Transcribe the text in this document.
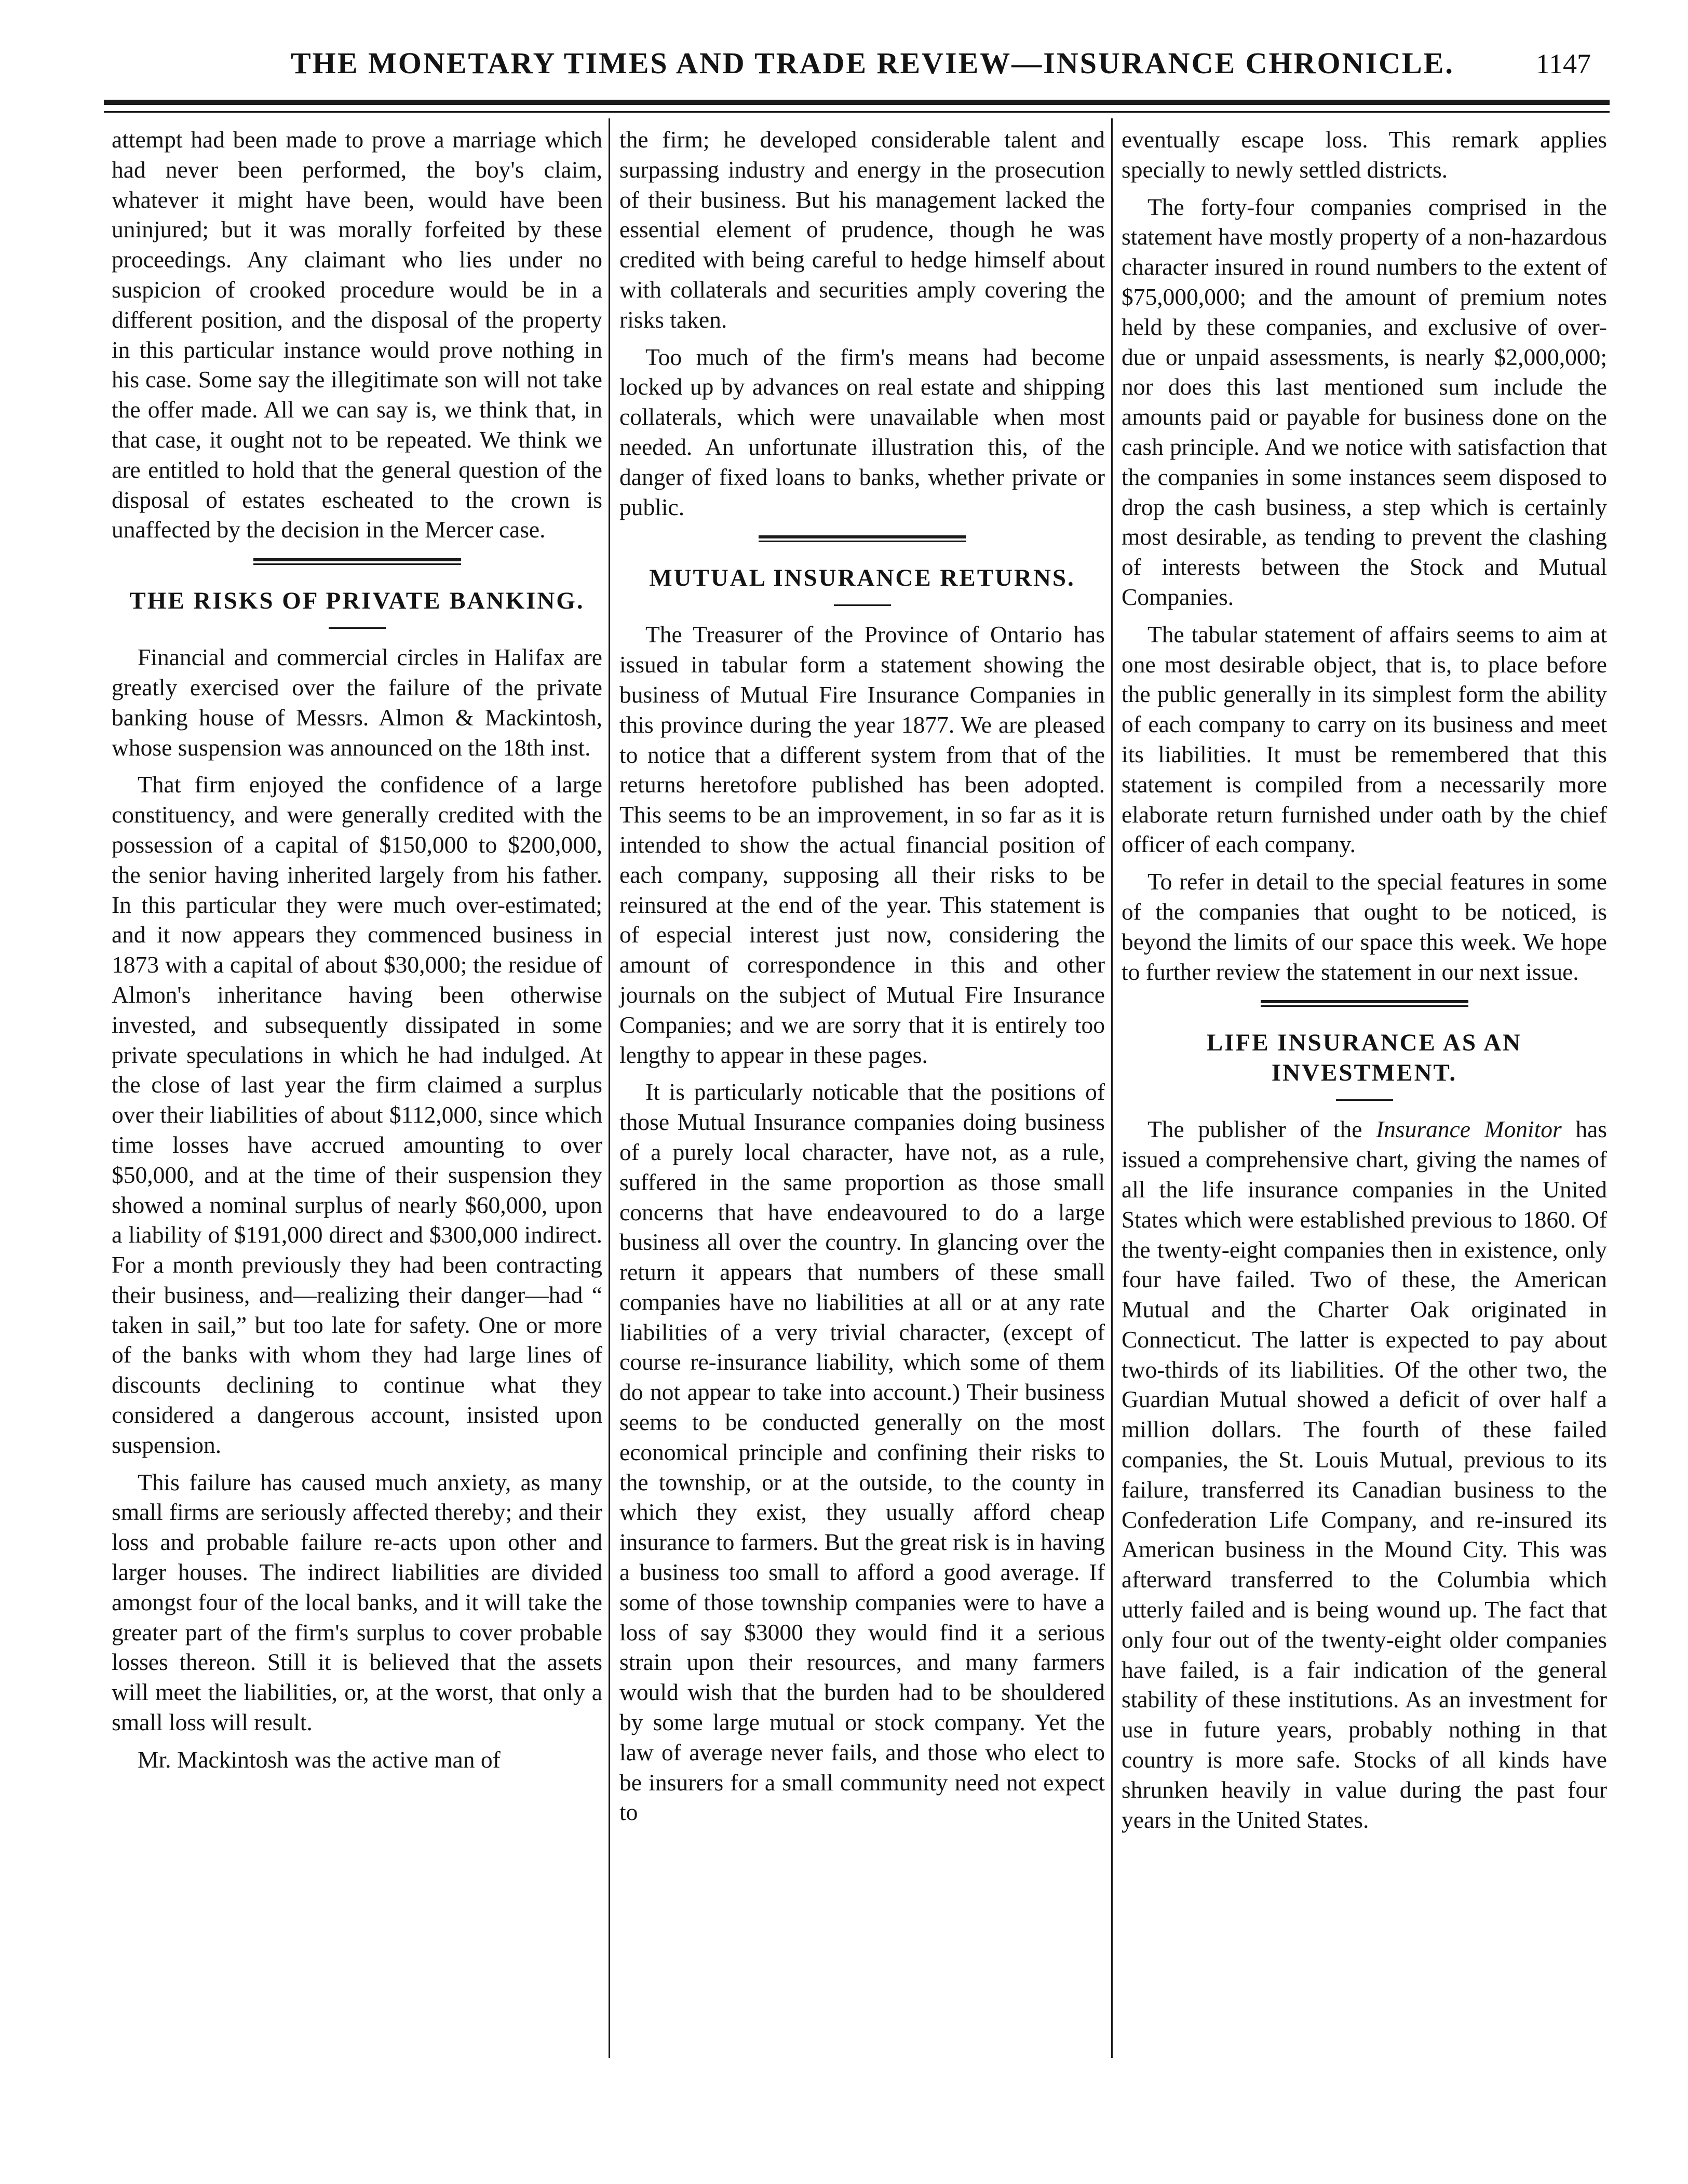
THE MONETARY TIMES AND TRADE REVIEW—INSURANCE CHRONICLE.	1147

attempt had been made to prove a marriage which had never been performed, the boy's claim, whatever it might have been, would have been uninjured; but it was morally forfeited by these proceedings. Any claimant who lies under no suspicion of crooked procedure would be in a different position, and the disposal of the property in this particular instance would prove nothing in his case. Some say the illegitimate son will not take the offer made. All we can say is, we think that, in that case, it ought not to be repeated. We think we are entitled to hold that the general question of the disposal of estates escheated to the crown is unaffected by the decision in the Mercer case.

THE RISKS OF PRIVATE BANKING.

Financial and commercial circles in Halifax are greatly exercised over the failure of the private banking house of Messrs. Almon & Mackintosh, whose suspension was announced on the 18th inst.

That firm enjoyed the confidence of a large constituency, and were generally credited with the possession of a capital of $150,000 to $200,000, the senior having inherited largely from his father. In this particular they were much over-estimated; and it now appears they commenced business in 1873 with a capital of about $30,000; the residue of Almon's inheritance having been otherwise invested, and subsequently dissipated in some private speculations in which he had indulged. At the close of last year the firm claimed a surplus over their liabilities of about $112,000, since which time losses have accrued amounting to over $50,000, and at the time of their suspension they showed a nominal surplus of nearly $60,000, upon a liability of $191,000 direct and $300,000 indirect. For a month previously they had been contracting their business, and—realizing their danger—had “ taken in sail,” but too late for safety. One or more of the banks with whom they had large lines of discounts declining to continue what they considered a dangerous account, insisted upon suspension.

This failure has caused much anxiety, as many small firms are seriously affected thereby; and their loss and probable failure re-acts upon other and larger houses. The indirect liabilities are divided amongst four of the local banks, and it will take the greater part of the firm's surplus to cover probable losses thereon. Still it is believed that the assets will meet the liabilities, or, at the worst, that only a small loss will result.

Mr. Mackintosh was the active man of

the firm; he developed considerable talent and surpassing industry and energy in the prosecution of their business. But his management lacked the essential element of prudence, though he was credited with being careful to hedge himself about with collaterals and securities amply covering the risks taken.

Too much of the firm's means had become locked up by advances on real estate and shipping collaterals, which were unavailable when most needed. An unfortunate illustration this, of the danger of fixed loans to banks, whether private or public.

MUTUAL INSURANCE RETURNS.

The Treasurer of the Province of Ontario has issued in tabular form a statement showing the business of Mutual Fire Insurance Companies in this province during the year 1877. We are pleased to notice that a different system from that of the returns heretofore published has been adopted. This seems to be an improvement, in so far as it is intended to show the actual financial position of each company, supposing all their risks to be reinsured at the end of the year. This statement is of especial interest just now, considering the amount of correspondence in this and other journals on the subject of Mutual Fire Insurance Companies; and we are sorry that it is entirely too lengthy to appear in these pages.

It is particularly noticable that the positions of those Mutual Insurance companies doing business of a purely local character, have not, as a rule, suffered in the same proportion as those small concerns that have endeavoured to do a large business all over the country. In glancing over the return it appears that numbers of these small companies have no liabilities at all or at any rate liabilities of a very trivial character, (except of course re-insurance liability, which some of them do not appear to take into account.) Their business seems to be conducted generally on the most economical principle and confining their risks to the township, or at the outside, to the county in which they exist, they usually afford cheap insurance to farmers. But the great risk is in having a business too small to afford a good average. If some of those township companies were to have a loss of say $3000 they would find it a serious strain upon their resources, and many farmers would wish that the burden had to be shouldered by some large mutual or stock company. Yet the law of average never fails, and those who elect to be insurers for a small community need not expect to

eventually escape loss. This remark applies specially to newly settled districts.

The forty-four companies comprised in the statement have mostly property of a non-hazardous character insured in round numbers to the extent of $75,000,000; and the amount of premium notes held by these companies, and exclusive of over-due or unpaid assessments, is nearly $2,000,000; nor does this last mentioned sum include the amounts paid or payable for business done on the cash principle. And we notice with satisfaction that the companies in some instances seem disposed to drop the cash business, a step which is certainly most desirable, as tending to prevent the clashing of interests between the Stock and Mutual Companies.

The tabular statement of affairs seems to aim at one most desirable object, that is, to place before the public generally in its simplest form the ability of each company to carry on its business and meet its liabilities. It must be remembered that this statement is compiled from a necessarily more elaborate return furnished under oath by the chief officer of each company.

To refer in detail to the special features in some of the companies that ought to be noticed, is beyond the limits of our space this week. We hope to further review the statement in our next issue.

LIFE INSURANCE AS AN INVESTMENT.

The publisher of the Insurance Monitor has issued a comprehensive chart, giving the names of all the life insurance companies in the United States which were established previous to 1860. Of the twenty-eight companies then in existence, only four have failed. Two of these, the American Mutual and the Charter Oak originated in Connecticut. The latter is expected to pay about two-thirds of its liabilities. Of the other two, the Guardian Mutual showed a deficit of over half a million dollars. The fourth of these failed companies, the St. Louis Mutual, previous to its failure, transferred its Canadian business to the Confederation Life Company, and re-insured its American business in the Mound City. This was afterward transferred to the Columbia which utterly failed and is being wound up. The fact that only four out of the twenty-eight older companies have failed, is a fair indication of the general stability of these institutions. As an investment for use in future years, probably nothing in that country is more safe. Stocks of all kinds have shrunken heavily in value during the past four years in the United States.
